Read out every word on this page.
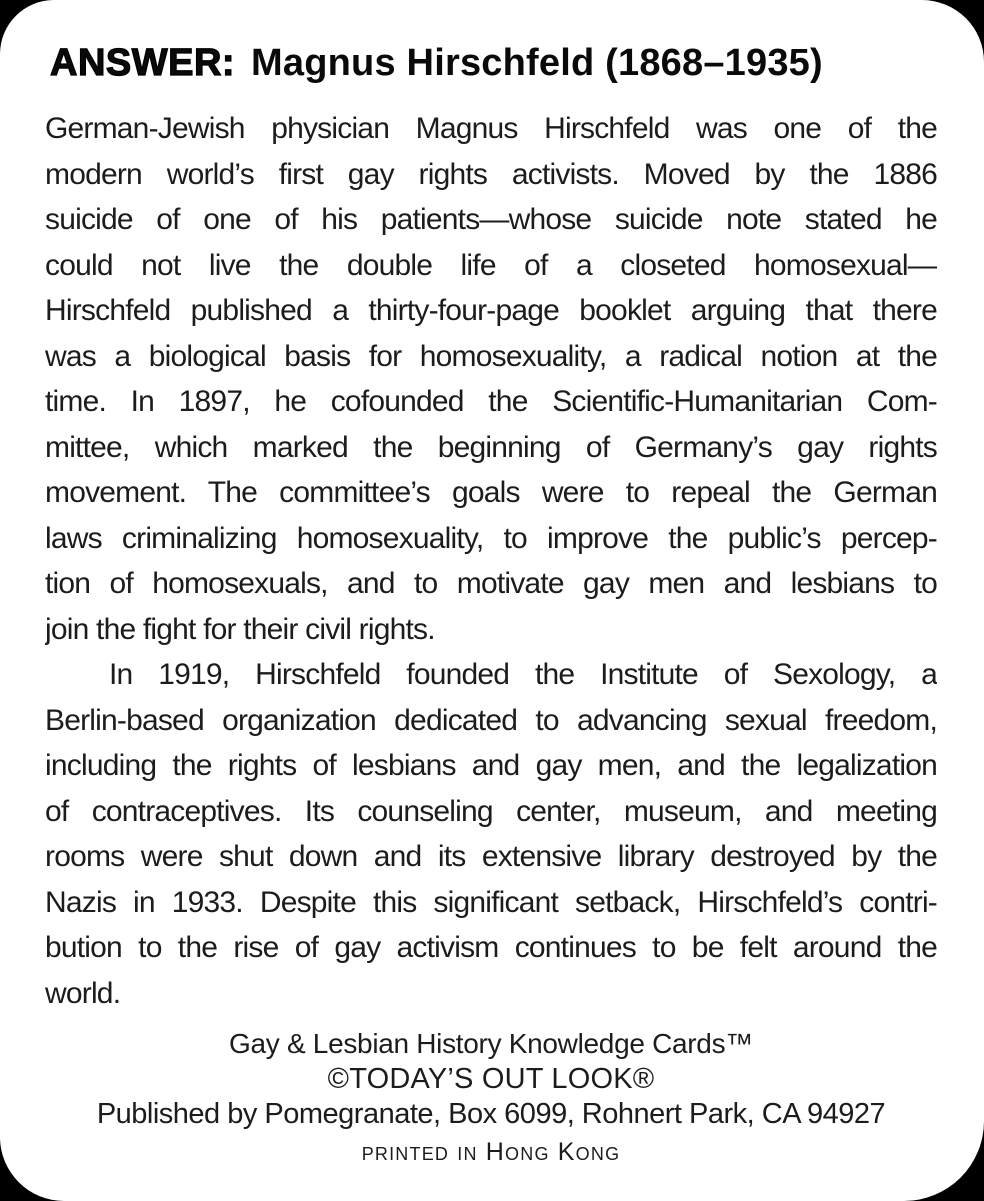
ANSWER: Magnus Hirschfeld (1868–1935)
German-Jewish physician Magnus Hirschfeld was one of the
modern world’s first gay rights activists. Moved by the 1886
suicide of one of his patients—whose suicide note stated he
could not live the double life of a closeted homosexual—
Hirschfeld published a thirty-four-page booklet arguing that there
was a biological basis for homosexuality, a radical notion at the
time. In 1897, he cofounded the Scientific-Humanitarian Com-
mittee, which marked the beginning of Germany’s gay rights
movement. The committee’s goals were to repeal the German
laws criminalizing homosexuality, to improve the public’s percep-
tion of homosexuals, and to motivate gay men and lesbians to
join the fight for their civil rights.
In 1919, Hirschfeld founded the Institute of Sexology, a
Berlin-based organization dedicated to advancing sexual freedom,
including the rights of lesbians and gay men, and the legalization
of contraceptives. Its counseling center, museum, and meeting
rooms were shut down and its extensive library destroyed by the
Nazis in 1933. Despite this significant setback, Hirschfeld’s contri-
bution to the rise of gay activism continues to be felt around the
world.
Gay & Lesbian History Knowledge Cards™
©TODAY’S OUT LOOK®
Published by Pomegranate, Box 6099, Rohnert Park, CA 94927
printed in Hong Kong
